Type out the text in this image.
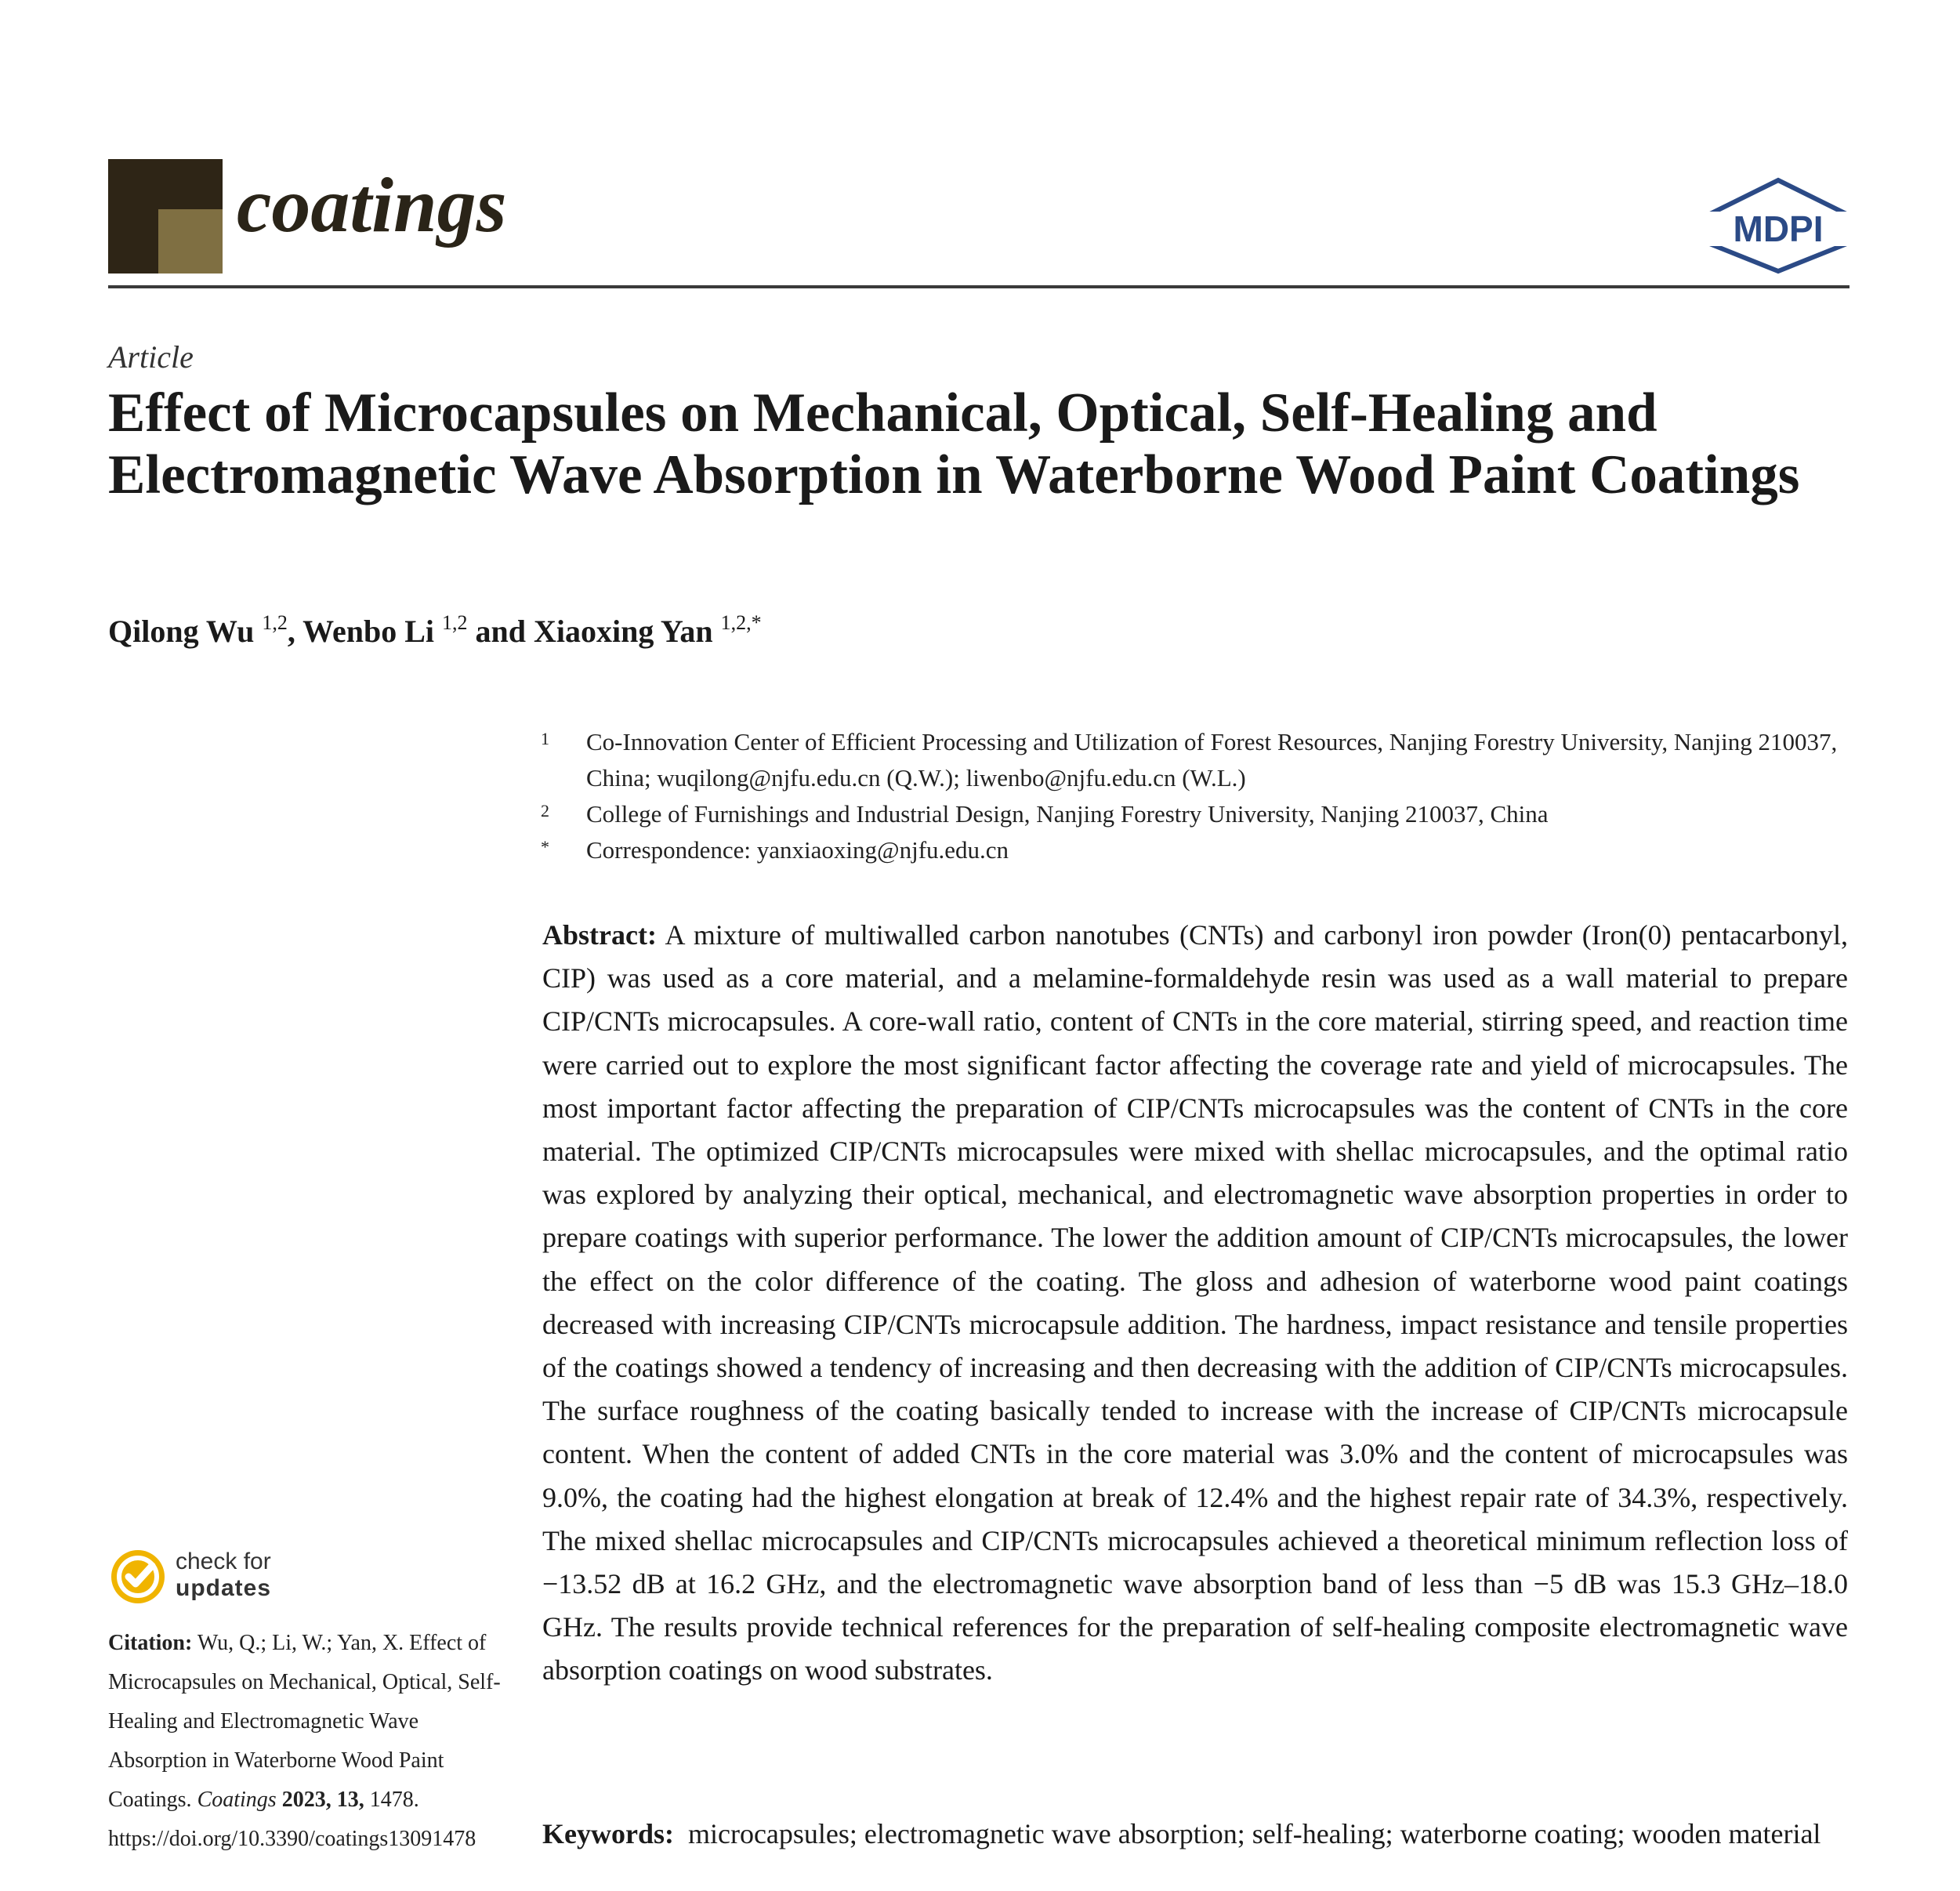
coatings	MDPI
Article
Effect of Microcapsules on Mechanical, Optical, Self-Healing and Electromagnetic Wave Absorption in Waterborne Wood Paint Coatings
Qilong Wu $^{1,2}$, Wenbo Li $^{1,2}$ and Xiaoxing Yan $^{1,2,*}$
1 Co-Innovation Center of Efficient Processing and Utilization of Forest Resources, Nanjing Forestry University, Nanjing 210037, China; wuqilong@njfu.edu.cn (Q.W.); liwenbo@njfu.edu.cn (W.L.)
2 College of Furnishings and Industrial Design, Nanjing Forestry University, Nanjing 210037, China
* Correspondence: yanxiaoxing@njfu.edu.cn
Abstract: A mixture of multiwalled carbon nanotubes (CNTs) and carbonyl iron powder (Iron(0) pentacarbonyl, CIP) was used as a core material, and a melamine-formaldehyde resin was used as a wall material to prepare CIP/CNTs microcapsules. A core-wall ratio, content of CNTs in the core material, stirring speed, and reaction time were carried out to explore the most significant factor affecting the coverage rate and yield of microcapsules. The most important factor affecting the preparation of CIP/CNTs microcapsules was the content of CNTs in the core material. The optimized CIP/CNTs microcapsules were mixed with shellac microcapsules, and the optimal ratio was explored by analyzing their optical, mechanical, and electromagnetic wave absorption properties in order to prepare coatings with superior performance. The lower the addition amount of CIP/CNTs microcapsules, the lower the effect on the color difference of the coating. The gloss and adhesion of waterborne wood paint coatings decreased with increasing CIP/CNTs microcapsule addition. The hardness, impact resistance and tensile properties of the coatings showed a tendency of increasing and then decreasing with the addition of CIP/CNTs microcapsules. The surface roughness of the coating basically tended to increase with the increase of CIP/CNTs microcapsule content. When the content of added CNTs in the core material was 3.0% and the content of microcapsules was 9.0%, the coating had the highest elongation at break of 12.4% and the highest repair rate of 34.3%, respectively. The mixed shellac microcapsules and CIP/CNTs microcapsules achieved a theoretical minimum reflection loss of −13.52 dB at 16.2 GHz, and the electromagnetic wave absorption band of less than −5 dB was 15.3 GHz–18.0 GHz. The results provide technical references for the preparation of self-healing composite electromagnetic wave absorption coatings on wood substrates.
Keywords: microcapsules; electromagnetic wave absorption; self-healing; waterborne coating; wooden material
check for
updates
Citation: Wu, Q.; Li, W.; Yan, X. Effect of Microcapsules on Mechanical, Optical, Self-Healing and Electromagnetic Wave Absorption in Waterborne Wood Paint Coatings. Coatings 2023, 13, 1478. https://doi.org/10.3390/coatings13091478
